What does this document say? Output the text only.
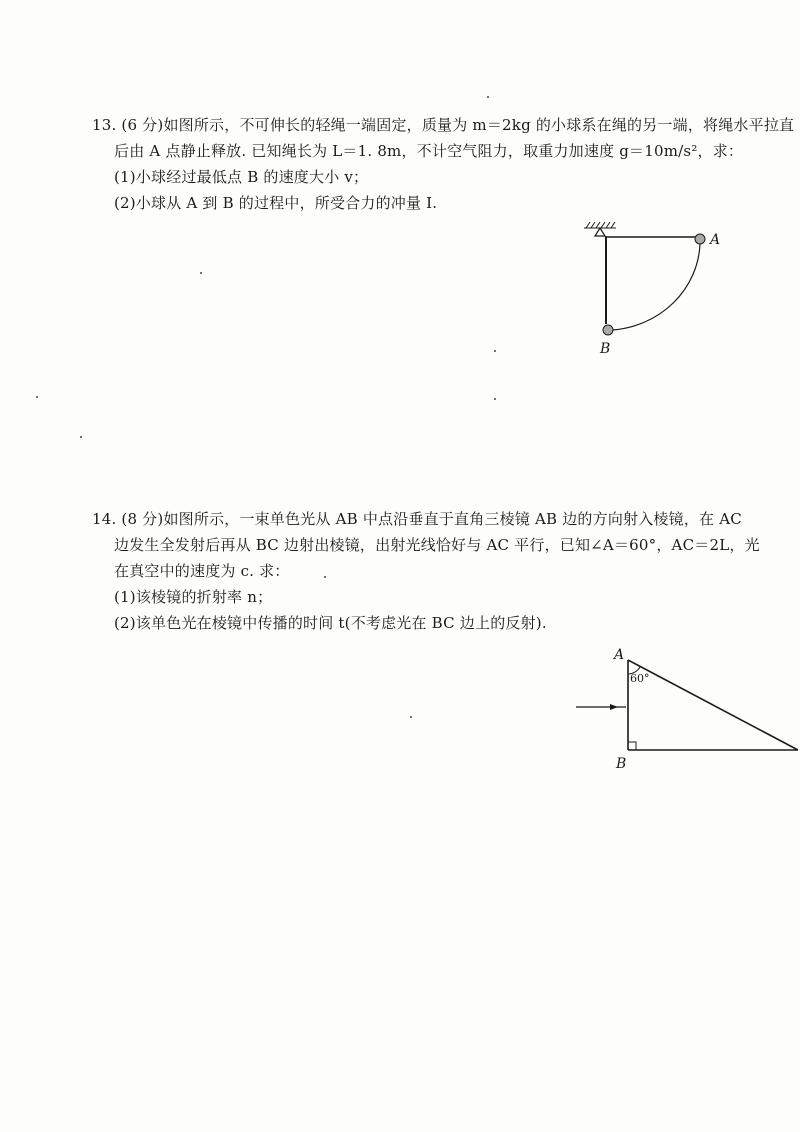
13. (6 分)如图所示，不可伸长的轻绳一端固定，质量为 m＝2kg 的小球系在绳的另一端，将绳水平拉直
后由 A 点静止释放. 已知绳长为 L＝1. 8m，不计空气阻力，取重力加速度 g＝10m/s²，求：
(1)小球经过最低点 B 的速度大小 v；
(2)小球从 A 到 B 的过程中，所受合力的冲量 I.
A
B
14. (8 分)如图所示，一束单色光从 AB 中点沿垂直于直角三棱镜 AB 边的方向射入棱镜，在 AC
边发生全发射后再从 BC 边射出棱镜，出射光线恰好与 AC 平行，已知∠A＝60°，AC＝2L，光
在真空中的速度为 c. 求：
(1)该棱镜的折射率 n；
(2)该单色光在棱镜中传播的时间 t(不考虑光在 BC 边上的反射).
60°
A
B
